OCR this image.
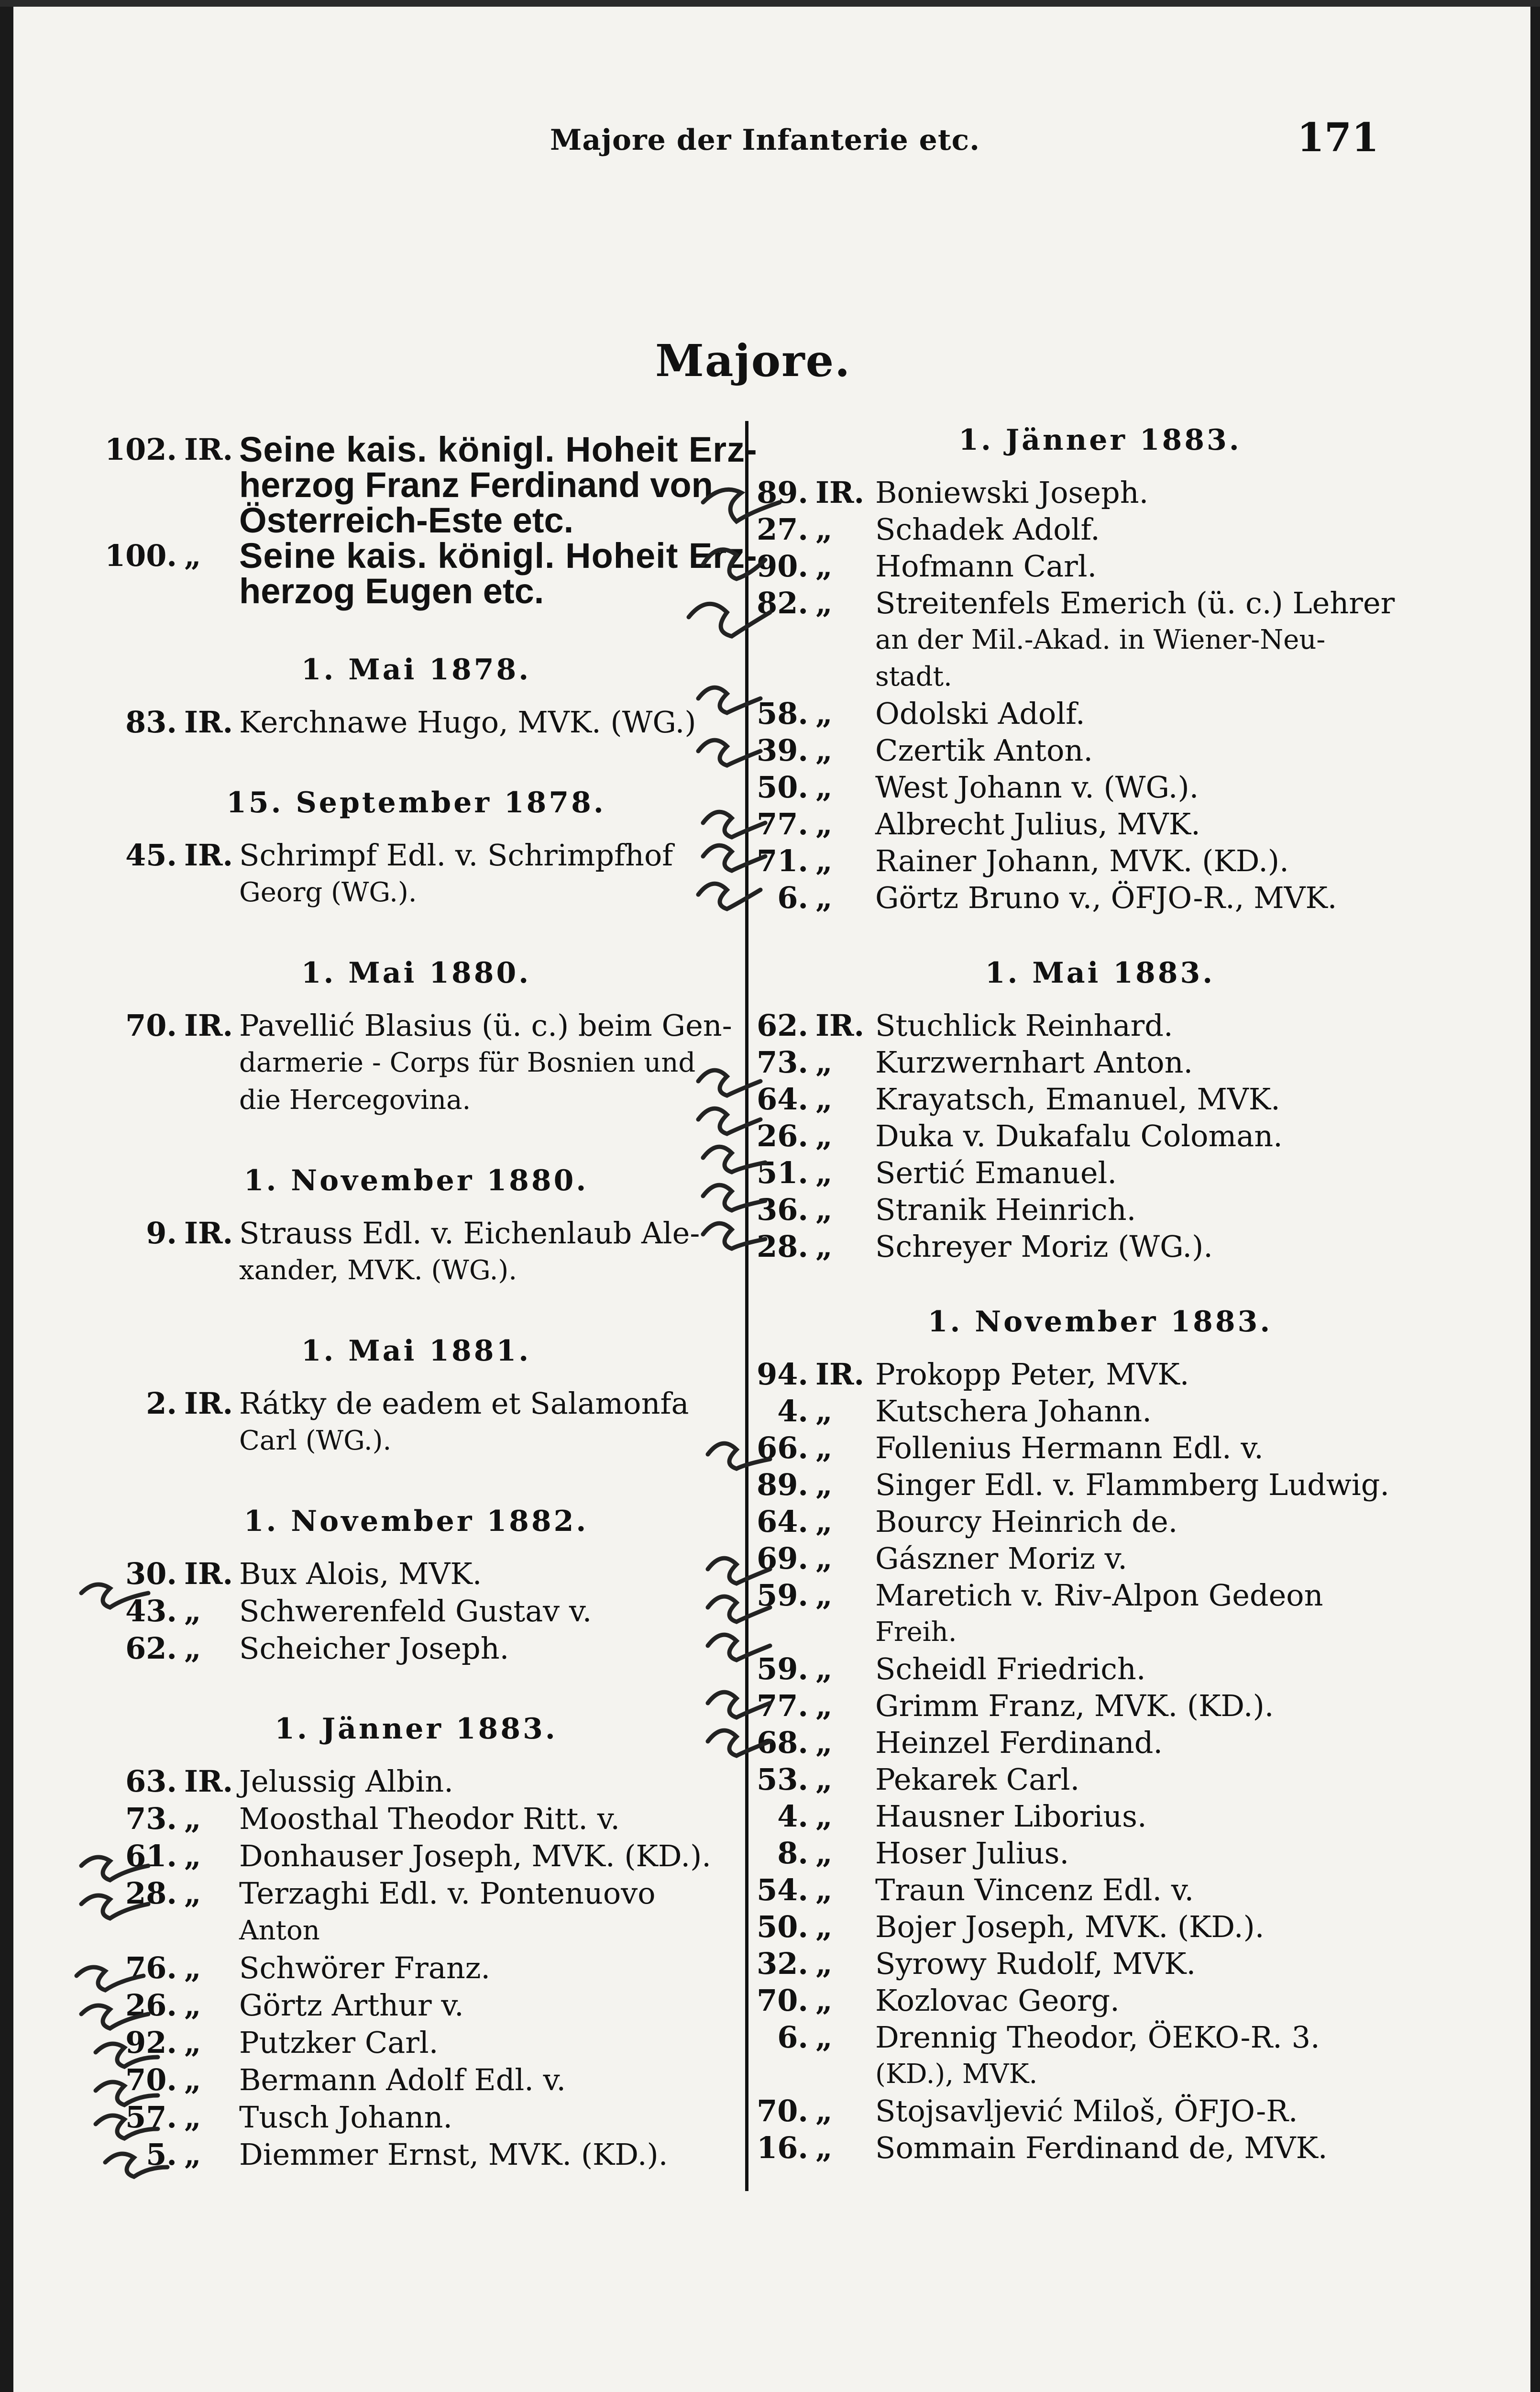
Majore der Infanterie etc.	171
Majore.
102. IR. Seine kais. königl. Hoheit Erz-
herzog Franz Ferdinand von
Österreich-Este etc.
100. „	Seine kais. königl. Hoheit Erz-
herzog Eugen etc.
1. Mai 1878.
83. IR. Kerchnawe Hugo, MVK. (WG.)
15. September 1878.
45. IR. Schrimpf Edl. v. Schrimpfhof
Georg (WG.).
1. Mai 1880.
70. IR. Pavellić Blasius (ü. c.) beim Gen-
darmerie - Corps für Bosnien und
die Hercegovina.
1. November 1880.
9. IR. Strauss Edl. v. Eichenlaub Ale-
xander, MVK. (WG.).
1. Mai 1881.
2. IR. Rátky de eadem et Salamonfa
Carl (WG.).
1. November 1882.
30. IR. Bux Alois, MVK.
43. „	Schwerenfeld Gustav v.
62. „	Scheicher Joseph.
1. Jänner 1883.
63. IR. Jelussig Albin.
73. „	Moosthal Theodor Ritt. v.
61. „	Donhauser Joseph, MVK. (KD.).
28. „	Terzaghi Edl. v. Pontenuovo
Anton
76. „	Schwörer Franz.
26. „	Görtz Arthur v.
92. „	Putzker Carl.
70. „	Bermann Adolf Edl. v.
57. „	Tusch Johann.
5. „	Diemmer Ernst, MVK. (KD.).
1. Jänner 1883.
89. IR. Boniewski Joseph.
27. „	Schadek Adolf.
90. „	Hofmann Carl.
82. „	Streitenfels Emerich (ü. c.) Lehrer
an der Mil.-Akad. in Wiener-Neu-
stadt.
58. „	Odolski Adolf.
39. „	Czertik Anton.
50. „	West Johann v. (WG.).
77. „	Albrecht Julius, MVK.
71. „	Rainer Johann, MVK. (KD.).
6. „	Görtz Bruno v., ÖFJO-R., MVK.
1. Mai 1883.
62. IR. Stuchlick Reinhard.
73. „	Kurzwernhart Anton.
64. „	Krayatsch, Emanuel, MVK.
26. „	Duka v. Dukafalu Coloman.
51. „	Sertić Emanuel.
36. „	Stranik Heinrich.
28. „	Schreyer Moriz (WG.).
1. November 1883.
94. IR. Prokopp Peter, MVK.
4. „	Kutschera Johann.
66. „	Follenius Hermann Edl. v.
89. „	Singer Edl. v. Flammberg Ludwig.
64. „	Bourcy Heinrich de.
69. „	Gászner Moriz v.
59. „	Maretich v. Riv-Alpon Gedeon
Freih.
59. „	Scheidl Friedrich.
77. „	Grimm Franz, MVK. (KD.).
68. „	Heinzel Ferdinand.
53. „	Pekarek Carl.
4. „	Hausner Liborius.
8. „	Hoser Julius.
54. „	Traun Vincenz Edl. v.
50. „	Bojer Joseph, MVK. (KD.).
32. „	Syrowy Rudolf, MVK.
70. „	Kozlovac Georg.
6. „	Drennig Theodor, ÖEKO-R. 3.
(KD.), MVK.
70. „	Stojsavljević Miloš, ÖFJO-R.
16. „	Sommain Ferdinand de, MVK.
